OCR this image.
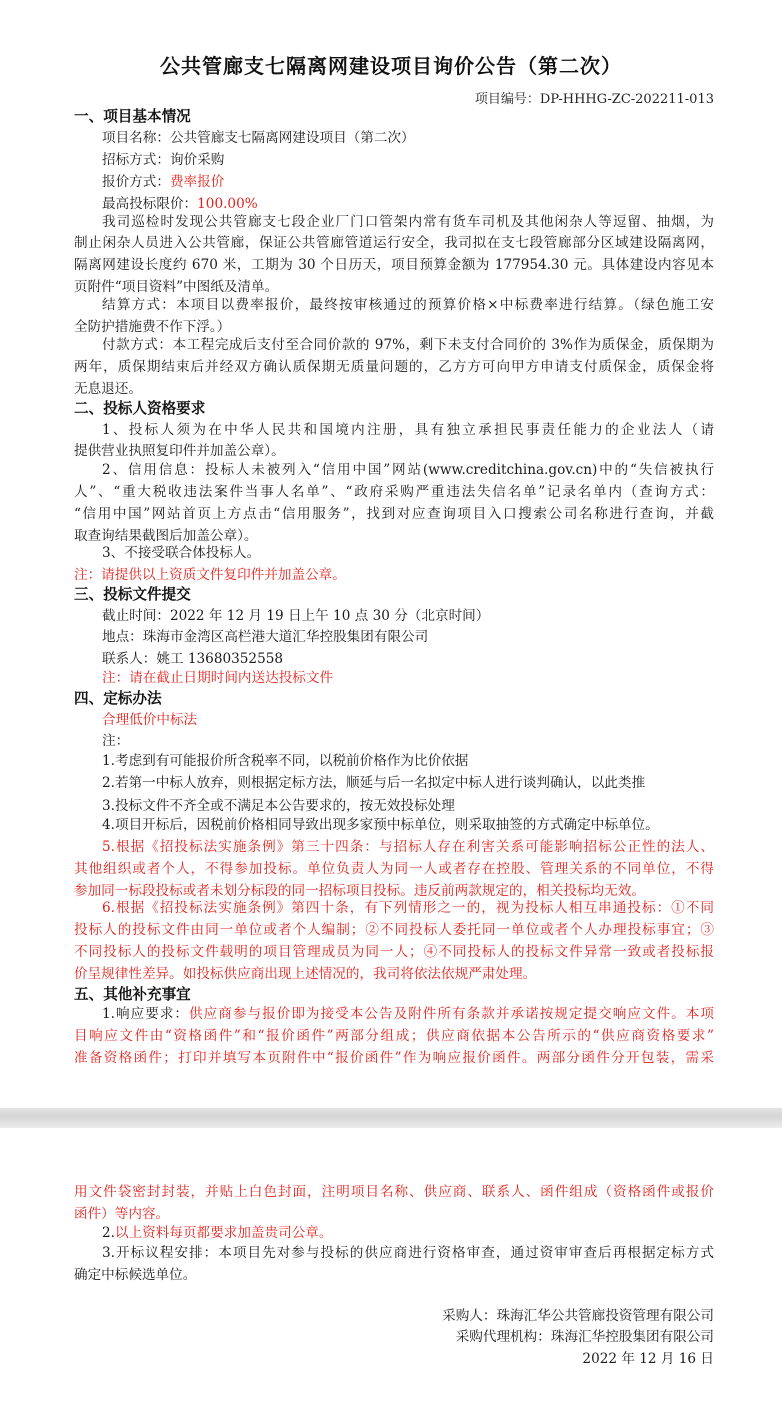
公共管廊支七隔离网建设项目询价公告（第二次）
项目编号：DP-HHHG-ZC-202211-013
一、项目基本情况
项目名称：公共管廊支七隔离网建设项目（第二次）
招标方式：询价采购
报价方式：费率报价
最高投标限价：100.00%
我司巡检时发现公共管廊支七段企业厂门口管架内常有货车司机及其他闲杂人等逗留、抽烟，为
制止闲杂人员进入公共管廊，保证公共管廊管道运行安全，我司拟在支七段管廊部分区域建设隔离网，
隔离网建设长度约 670 米，工期为 30 个日历天，项目预算金额为 177954.30 元。具体建设内容见本
页附件“项目资料”中图纸及清单。
结算方式：本项目以费率报价，最终按审核通过的预算价格×中标费率进行结算。（绿色施工安
全防护措施费不作下浮。）
付款方式：本工程完成后支付至合同价款的 97%，剩下未支付合同价的 3%作为质保金，质保期为
两年，质保期结束后并经双方确认质保期无质量问题的，乙方方可向甲方申请支付质保金，质保金将
无息退还。
二、投标人资格要求
1、投标人须为在中华人民共和国境内注册，具有独立承担民事责任能力的企业法人（请
提供营业执照复印件并加盖公章）。
2、信用信息：投标人未被列入“信用中国”网站(www.creditchina.gov.cn)中的“失信被执行
人”、“重大税收违法案件当事人名单”、“政府采购严重违法失信名单”记录名单内（查询方式：
“信用中国”网站首页上方点击“信用服务”，找到对应查询项目入口搜索公司名称进行查询，并截
取查询结果截图后加盖公章）。
3、不接受联合体投标人。
注：请提供以上资质文件复印件并加盖公章。
三、投标文件提交
截止时间：2022 年 12 月 19 日上午 10 点 30 分（北京时间）
地点：珠海市金湾区高栏港大道汇华控股集团有限公司
联系人：姚工 13680352558
注：请在截止日期时间内送达投标文件
四、定标办法
合理低价中标法
注：
1.考虑到有可能报价所含税率不同，以税前价格作为比价依据
2.若第一中标人放弃，则根据定标方法，顺延与后一名拟定中标人进行谈判确认，以此类推
3.投标文件不齐全或不满足本公告要求的，按无效投标处理
4.项目开标后，因税前价格相同导致出现多家预中标单位，则采取抽签的方式确定中标单位。
5.根据《招投标法实施条例》第三十四条：与招标人存在利害关系可能影响招标公正性的法人、
其他组织或者个人，不得参加投标。单位负责人为同一人或者存在控股、管理关系的不同单位，不得
参加同一标段投标或者未划分标段的同一招标项目投标。违反前两款规定的，相关投标均无效。
6.根据《招投标法实施条例》第四十条，有下列情形之一的，视为投标人相互串通投标：①不同
投标人的投标文件由同一单位或者个人编制；②不同投标人委托同一单位或者个人办理投标事宜；③
不同投标人的投标文件载明的项目管理成员为同一人；④不同投标人的投标文件异常一致或者投标报
价呈规律性差异。如投标供应商出现上述情况的，我司将依法依规严肃处理。
五、其他补充事宜
1.响应要求：供应商参与报价即为接受本公告及附件所有条款并承诺按规定提交响应文件。本项
目响应文件由“资格函件”和“报价函件”两部分组成；供应商依据本公告所示的“供应商资格要求”
准备资格函件；打印并填写本页附件中“报价函件”作为响应报价函件。两部分函件分开包装，需采
用文件袋密封封装，并贴上白色封面，注明项目名称、供应商、联系人、函件组成（资格函件或报价
函件）等内容。
2.以上资料每页都要求加盖贵司公章。
3.开标议程安排：本项目先对参与投标的供应商进行资格审查，通过资审审查后再根据定标方式
确定中标候选单位。
采购人：珠海汇华公共管廊投资管理有限公司
采购代理机构：珠海汇华控股集团有限公司
2022 年 12 月 16 日
